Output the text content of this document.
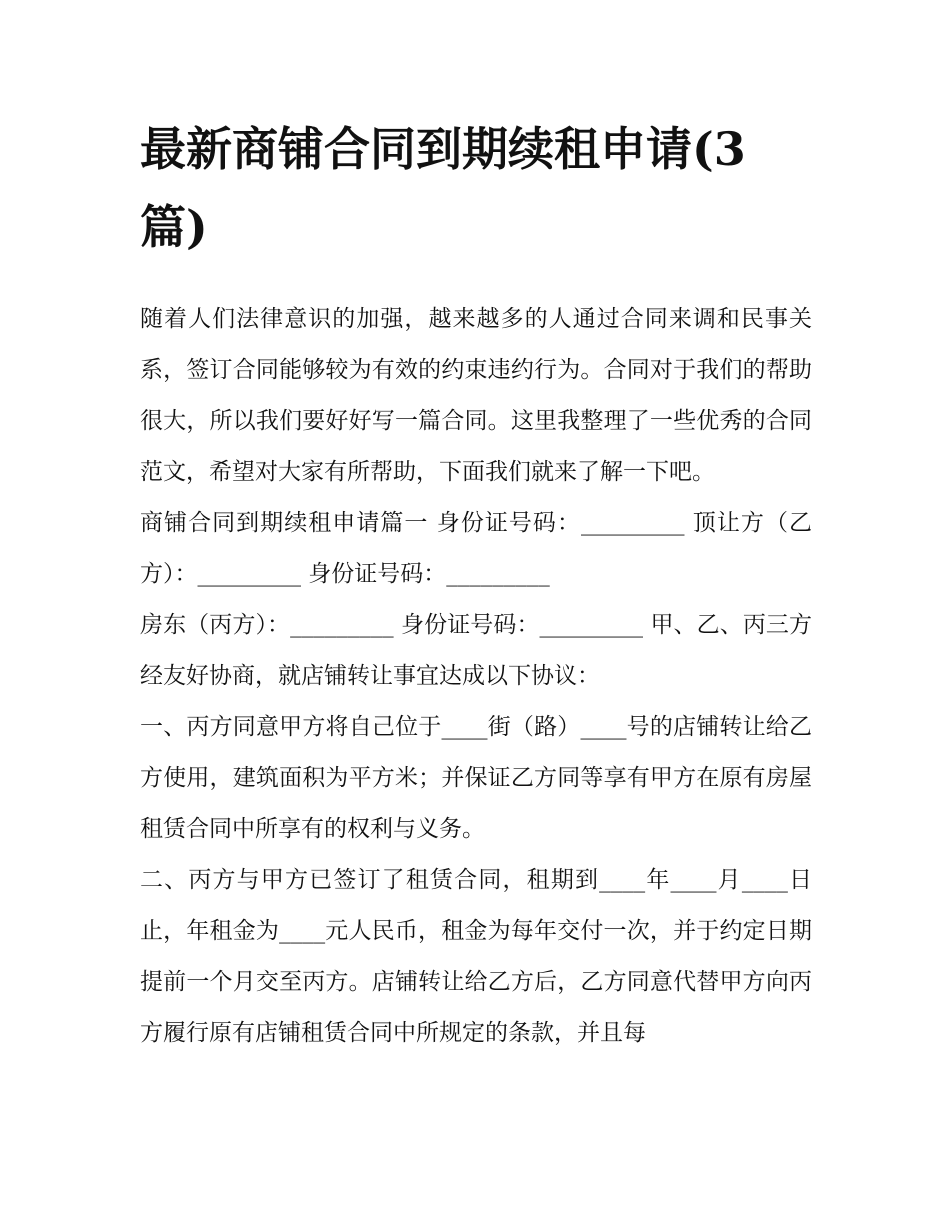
最新商铺合同到期续租申请(3篇)

随着人们法律意识的加强，越来越多的人通过合同来调和民事关系，签订合同能够较为有效的约束违约行为。合同对于我们的帮助很大，所以我们要好好写一篇合同。这里我整理了一些优秀的合同范文，希望对大家有所帮助，下面我们就来了解一下吧。

商铺合同到期续租申请篇一 身份证号码：_________ 顶让方（乙方）：_________ 身份证号码：_________

房东（丙方）：_________ 身份证号码：_________ 甲、乙、丙三方经友好协商，就店铺转让事宜达成以下协议：

一、丙方同意甲方将自己位于____街（路）____号的店铺转让给乙方使用，建筑面积为平方米；并保证乙方同等享有甲方在原有房屋租赁合同中所享有的权利与义务。

二、丙方与甲方已签订了租赁合同，租期到____年____月____日止，年租金为____元人民币，租金为每年交付一次，并于约定日期提前一个月交至丙方。店铺转让给乙方后，乙方同意代替甲方向丙方履行原有店铺租赁合同中所规定的条款，并且每
